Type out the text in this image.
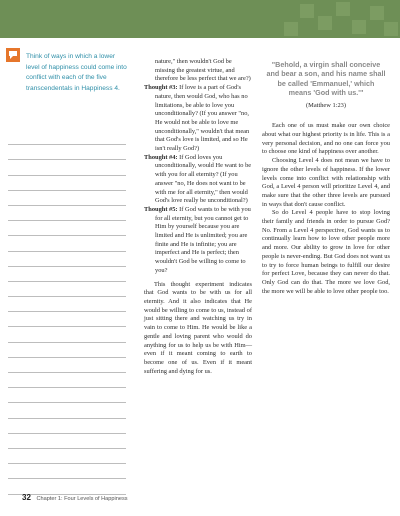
Think of ways in which a lower level of happiness could come into conflict with each of the five transcendentals in Happiness 4.

nature," then wouldn't God be missing the greatest virtue, and therefore be less perfect that we are?)

Thought #3: If love is a part of God's nature, then would God, who has no limitations, be able to love you unconditionally? (If you answer "no, He would not be able to love me unconditionally," wouldn't that mean that God's love is limited, and so He isn't really God?)

Thought #4: If God loves you unconditionally, would He want to be with you for all eternity? (If you answer "no, He does not want to be with me for all eternity," then would God's love really be unconditional?)

Thought #5: If God wants to be with you for all eternity, but you cannot get to Him by yourself because you are limited and He is unlimited; you are finite and He is infinite; you are imperfect and He is perfect; then wouldn't God be willing to come to you?

This thought experiment indicates that God wants to be with us for all eternity. And it also indicates that He would be willing to come to us, instead of just sitting there and watching us try in vain to come to Him. He would be like a gentle and loving parent who would do anything for us to help us be with Him—even if it meant coming to earth to become one of us. Even if it meant suffering and dying for us.

"Behold, a virgin shall conceive and bear a son, and his name shall be called 'Emmanuel,' which means 'God with us.'"
(Matthew 1:23)

Each one of us must make our own choice about what our highest priority is in life. This is a very personal decision, and no one can force you to choose one kind of happiness over another.

Choosing Level 4 does not mean we have to ignore the other levels of happiness. If the lower levels come into conflict with relationship with God, a Level 4 person will prioritize Level 4, and make sure that the other three levels are pursued in ways that don't cause conflict.

So do Level 4 people have to stop loving their family and friends in order to pursue God? No. From a Level 4 perspective, God wants us to continually learn how to love other people more and more. Our ability to grow in love for other people is never-ending. But God does not want us to try to force human beings to fulfill our desire for perfect Love, because they can never do that. Only God can do that. The more we love God, the more we will be able to love other people too.

32 Chapter 1: Four Levels of Happiness
